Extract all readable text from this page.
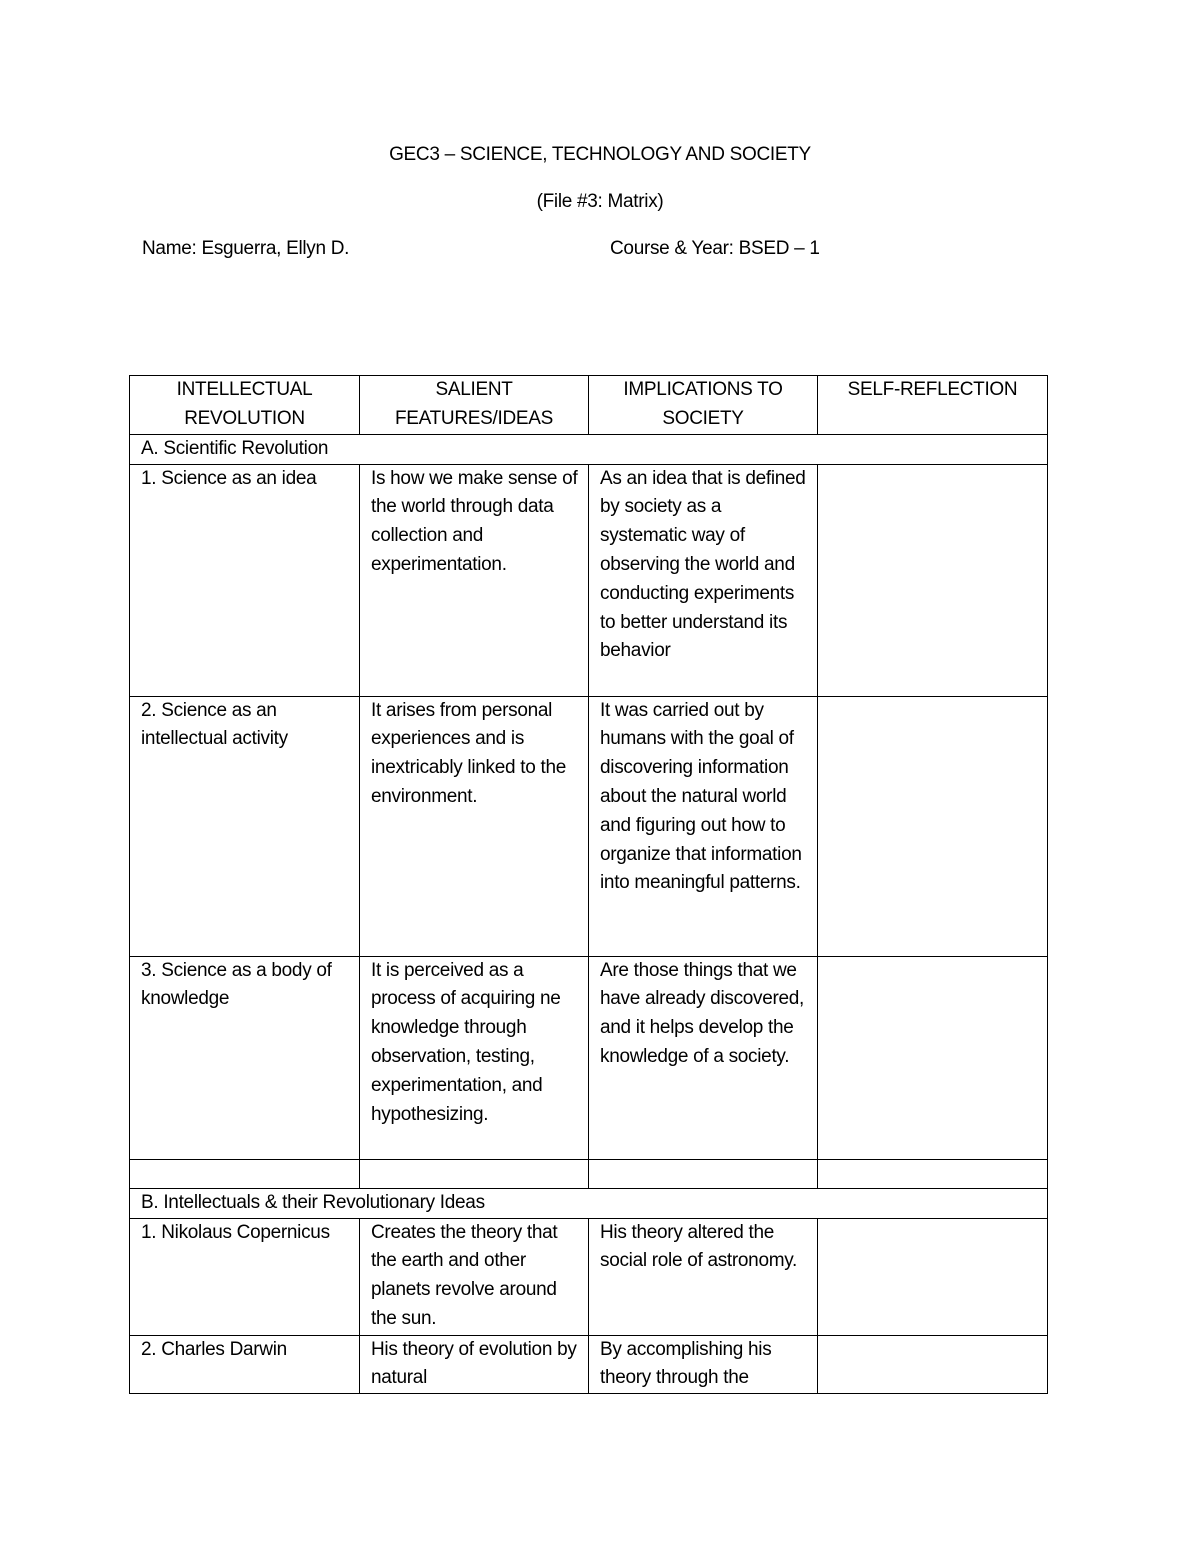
GEC3 – SCIENCE, TECHNOLOGY AND SOCIETY
(File #3: Matrix)
Name: Esguerra, Ellyn D.	Course & Year: BSED – 1
INTELLECTUAL REVOLUTION	SALIENT FEATURES/IDEAS	IMPLICATIONS TO SOCIETY	SELF-REFLECTION
A. Scientific Revolution			
1. Science as an idea	Is how we make sense of the world through data collection and experimentation.	As an idea that is defined by society as a systematic way of observing the world and conducting experiments to better understand its behavior	
2. Science as an intellectual activity	It arises from personal experiences and is inextricably linked to the environment.	It was carried out by humans with the goal of discovering information about the natural world and figuring out how to organize that information into meaningful patterns.	
3. Science as a body of knowledge	It is perceived as a process of acquiring ne knowledge through observation, testing, experimentation, and hypothesizing.	Are those things that we have already discovered, and it helps develop the knowledge of a society.	

B. Intellectuals & their Revolutionary Ideas			
1. Nikolaus Copernicus	Creates the theory that the earth and other planets revolve around the sun.	His theory altered the social role of astronomy.	
2. Charles Darwin	His theory of evolution by natural	By accomplishing his theory through the	
